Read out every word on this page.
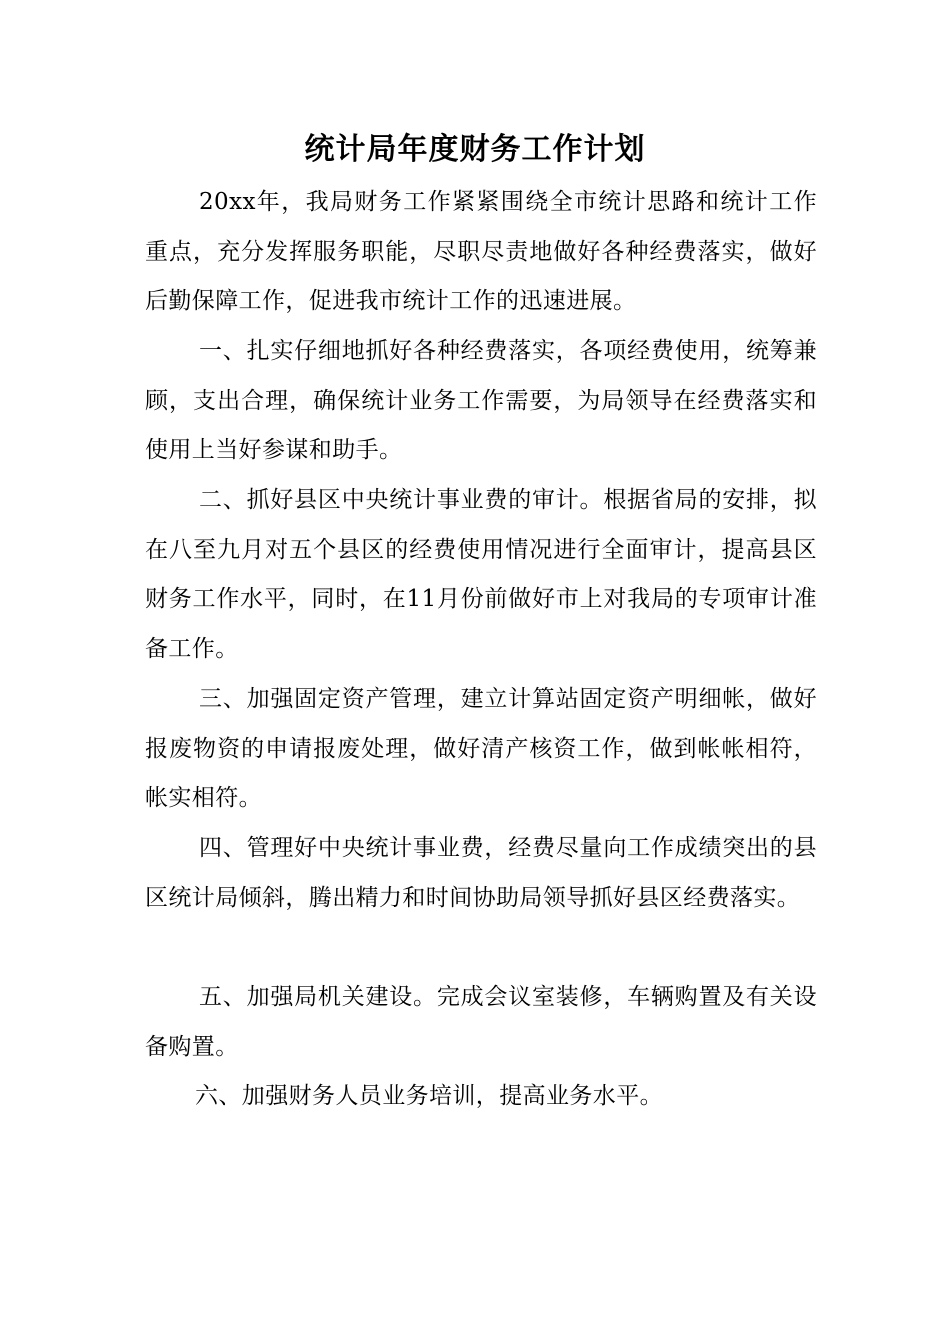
统计局年度财务工作计划

20xx年，我局财务工作紧紧围绕全市统计思路和统计工作重点，充分发挥服务职能，尽职尽责地做好各种经费落实，做好后勤保障工作，促进我市统计工作的迅速进展。

一、扎实仔细地抓好各种经费落实，各项经费使用，统筹兼顾，支出合理，确保统计业务工作需要，为局领导在经费落实和使用上当好参谋和助手。

二、抓好县区中央统计事业费的审计。根据省局的安排，拟在八至九月对五个县区的经费使用情况进行全面审计，提高县区财务工作水平，同时，在11月份前做好市上对我局的专项审计准备工作。

三、加强固定资产管理，建立计算站固定资产明细帐，做好报废物资的申请报废处理，做好清产核资工作，做到帐帐相符，帐实相符。

四、管理好中央统计事业费，经费尽量向工作成绩突出的县区统计局倾斜，腾出精力和时间协助局领导抓好县区经费落实。

五、加强局机关建设。完成会议室装修，车辆购置及有关设备购置。

六、加强财务人员业务培训，提高业务水平。
